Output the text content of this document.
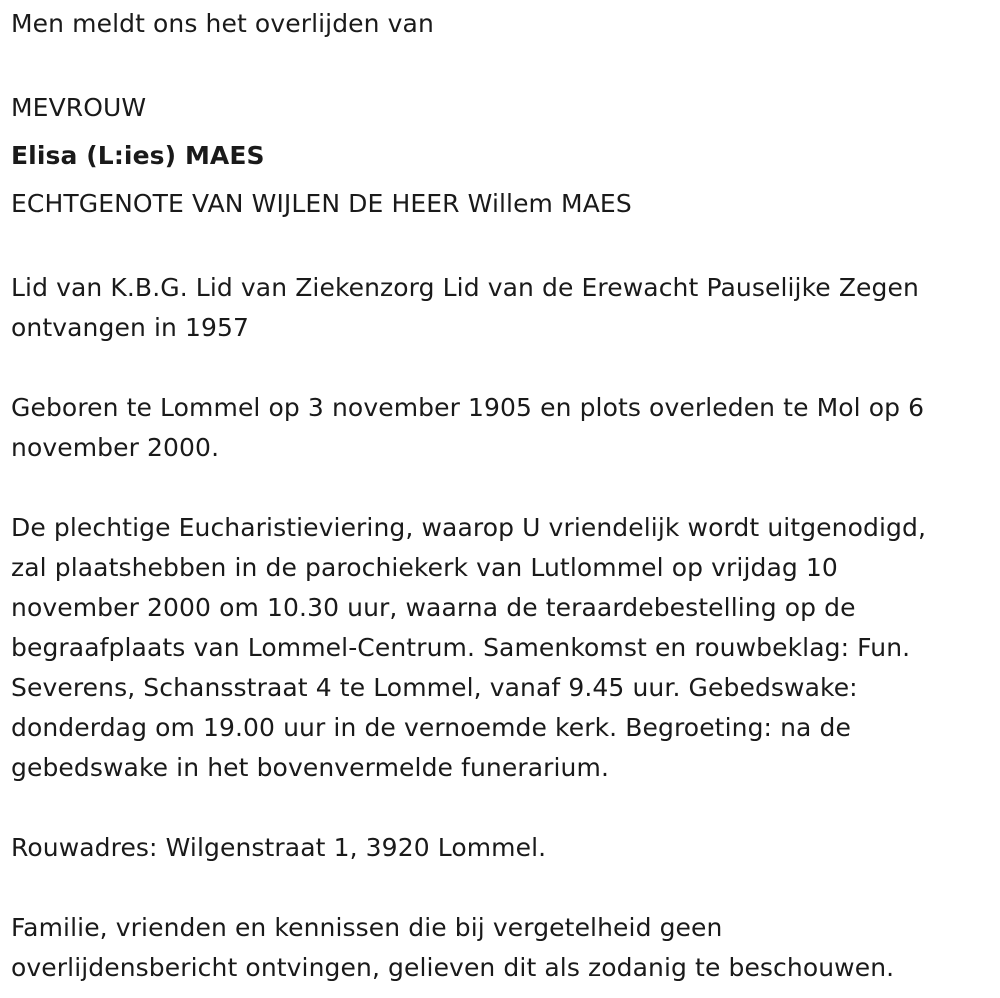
Men meldt ons het overlijden van

MEVROUW

Elisa (L:ies) MAES

ECHTGENOTE VAN WIJLEN DE HEER Willem MAES

Lid van K.B.G. Lid van Ziekenzorg Lid van de Erewacht Pauselijke Zegen

ontvangen in 1957

Geboren te Lommel op 3 november 1905 en plots overleden te Mol op 6

november 2000.

De plechtige Eucharistieviering, waarop U vriendelijk wordt uitgenodigd,

zal plaatshebben in de parochiekerk van Lutlommel op vrijdag 10

november 2000 om 10.30 uur, waarna de teraardebestelling op de

begraafplaats van Lommel-Centrum. Samenkomst en rouwbeklag: Fun.

Severens, Schansstraat 4 te Lommel, vanaf 9.45 uur. Gebedswake:

donderdag om 19.00 uur in de vernoemde kerk. Begroeting: na de

gebedswake in het bovenvermelde funerarium.

Rouwadres: Wilgenstraat 1, 3920 Lommel.

Familie, vrienden en kennissen die bij vergetelheid geen

overlijdensbericht ontvingen, gelieven dit als zodanig te beschouwen.
